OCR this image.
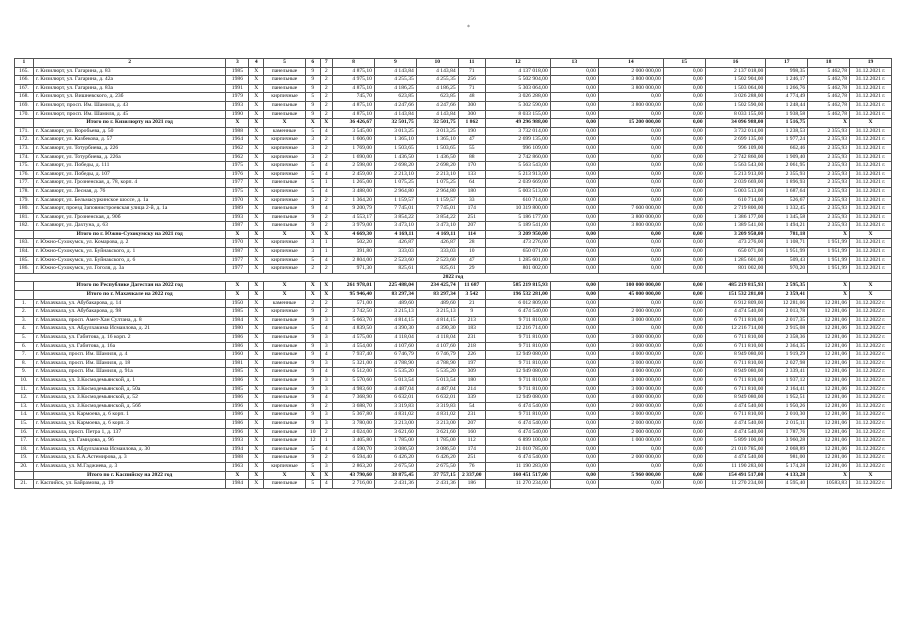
*
1	2	3	4	5	6	7	8	9	10	11	12	13	14	15	16	17	18	19
165.	г. Кизилюрт, ул. Гагарина, д. 83	1985	X	панельные	9	2	4 875,10	4 143,84	4 143,84	71	4 137 018,00	0,00	2 000 000,00	0,00	2 137 018,00	998,35	5 462,78	31.12.2021 г.
166.	г. Кизилюрт, ул. Гагарина, д. 42а	1986	X	панельные	9	2	4 975,10	4 255,35	4 255,35	256	5 502 904,00	0,00	3 800 000,00	0,00	1 502 904,00	1 246,17	5 462,78	31.12.2021 г.
167.	г. Кизилюрт, ул. Гагарина, д. 83а	1991	X	панельные	9	2	4 875,10	4 186,25	4 186,25	71	5 303 064,00	0,00	3 800 000,00	0,00	1 503 064,00	1 266,76	5 462,78	31.12.2021 г.
168.	г. Кизилюрт, ул. Вишневского, д. 23б	1979	X	кирпичные	5	2	745,70	623,85	623,85	48	3 026 288,00	0,00	0,00	0,00	3 026 288,00	4 774,49	5 462,78	31.12.2021 г.
169.	г. Кизилюрт, просп. Им. Шамиля, д. 43	1993	X	панельные	9	2	4 875,10	4 247,66	4 247,66	300	5 302 590,00	0,00	3 800 000,00	0,00	1 502 590,00	1 248,44	5 462,78	31.12.2021 г.
170.	г. Кизилюрт, просп. Им. Шамиля, д. 45	1990	X	панельные	9	2	4 875,10	4 143,84	4 143,84	300	8 033 155,00	0,00	0,00	0,00	8 033 155,00	1 938,58	5 462,78	31.12.2021 г.
	Итого по г. Кизилюрту на 2021 год	X	X	X	X	X	36 426,67	32 501,75	32 501,75	1 862	49 296 988,00	0,00	15 200 000,00	0,00	34 096 988,00	1 516,75	X	X
171.	г. Хасавюрт, ул. Воробьева, д. 50	1988	X	каменные	5	4	3 545,00	3 013,25	3 013,25	190	3 732 014,00	0,00	0,00	0,00	3 732 014,00	1 238,53	2 355,93	31.12.2021 г.
172.	г. Хасавюрт, ул. Казбекова, д. 57	1964	X	кирпичные	3	2	1 606,00	1 365,10	1 365,10	47	2 699 135,00	0,00	0,00	0,00	2 699 135,00	1 977,24	2 355,93	31.12.2021 г.
173.	г. Хасавюрт, ул. Тотурбиева, д. 226	1962	X	кирпичные	3	2	1 769,00	1 503,65	1 503,65	55	996 109,00	0,00	0,00	0,00	996 109,00	662,46	2 355,93	31.12.2021 г.
174.	г. Хасавюрт, ул. Тотурбиева, д. 226а	1962	X	кирпичные	3	2	1 690,00	1 436,50	1 436,50	88	2 742 860,00	0,00	0,00	0,00	2 742 860,00	1 909,40	2 355,93	31.12.2021 г.
175.	г. Хасавюрт, ул. Победы, д. 111	1975	X	кирпичные	5	4	2 598,00	2 698,20	2 698,20	170	5 563 543,00	0,00	0,00	0,00	5 563 543,00	2 061,95	2 355,93	31.12.2021 г.
176.	г. Хасавюрт, ул. Победы, д. 107	1976	X	кирпичные	5	4	2 459,00	2 213,10	2 213,10	133	5 213 913,00	0,00	0,00	0,00	5 213 913,00	2 355,93	2 355,93	31.12.2021 г.
177.	г. Хасавюрт, ул. Грозненская, д. 78, корп. 4	1977	X	панельные	5	1	1 265,00	1 075,25	1 075,25	64	2 039 669,00	0,00	0,00	0,00	2 039 669,00	1 896,93	2 355,93	31.12.2021 г.
178.	г. Хасавюрт, ул. Лесная, д. 76	1975	X	кирпичные	5	4	3 488,00	2 964,80	2 964,80	180	5 003 513,00	0,00	0,00	0,00	5 003 513,00	1 687,64	2 355,93	31.12.2021 г.
179.	г. Хасавюрт, ул. Бельмасуркинское шоссе, д. 1а	1970	X	кирпичные	3	2	1 364,20	1 159,57	1 159,57	33	610 714,00	0,00	0,00	0,00	610 714,00	526,67	2 355,93	31.12.2021 г.
180.	г. Хасавюрт, проезд Заповнистроевская улица 2-й, д. 1а	1989	X	панельные	9	4	9 200,79	7 745,01	7 745,01	174	10 319 800,00	0,00	7 600 000,00	0,00	2 719 800,00	1 332,45	2 355,93	31.12.2021 г.
181.	г. Хасавюрт, ул. Грозненская, д. 90б	1993	X	панельные	9	2	4 553,17	3 854,22	3 854,22	251	5 186 177,00	0,00	3 800 000,00	0,00	1 386 177,00	1 345,58	2 355,93	31.12.2021 г.
182.	г. Хасавюрт, ул. Дахтуна, д. 63	1987	X	панельные	9	2	3 979,00	3 473,10	3 473,10	207	5 189 541,00	0,00	3 800 000,00	0,00	1 389 541,00	1 494,21	2 355,93	31.12.2021 г.
	Итого по г. Южно-Сухокумску на 2021 год	X	X	X	X	X	4 669,30	4 169,11	4 169,11	114	3 209 950,00	0,00	0,00	0,00	3 209 950,00	781,18	X	X
183.	г. Южно-Сухокумск, ул. Комарова, д. 2	1970	X	кирпичные	3	1	502,20	426,87	426,87	28	473 276,00	0,00	0,00	0,00	473 276,00	1 108,71	1 951,99	31.12.2021 г.
184.	г. Южно-Сухокумск, ул. Буйнакского, д. 1	1987	X	кирпичные	3	1	391,80	333,03	333,03	10	650 071,00	0,00	0,00	0,00	650 071,00	1 951,99	1 951,99	31.12.2021 г.
185.	г. Южно-Сухокумск, ул. Буйнакского, д. 6	1977	X	кирпичные	5	4	2 804,00	2 523,60	2 523,60	47	1 285 601,00	0,00	0,00	0,00	1 285 601,00	509,43	1 951,99	31.12.2021 г.
186.	г. Южно-Сухокумск, ул. Гоголя, д. 3а	1977	X	кирпичные	2	2	971,30	825,61	825,61	29	801 002,00	0,00	0,00	0,00	801 002,00	970,20	1 951,99	31.12.2021 г.
2022 год																		
	Итого по Республике Дагестан на 2022 год	X	X	X	X	X	261 978,01	225 488,04	234 425,74	11 687	585 219 815,93	0,00	100 000 000,00	0,00	485 219 815,93	2 595,35	X	X
	Итого по г. Махачкале на 2022 год	X	X	X	X	X	95 946,40	83 297,34	83 297,34	3 542	196 532 281,00	0,00	45 000 000,00	0,00	151 532 281,00	2 359,41	X	X
1.	г. Махачкала, ул. Абубакарова, д. 14	1950	X	каменные	2	2	571,00	489,60	489,60	21	6 012 809,00	0,00	0,00	0,00	6 912 809,00	12 281,06	12 281,06	31.12.2022 г.
2.	г. Махачкала, ул. Абубакарова, д. 98	1985	X	кирпичные	9	2	3 742,50	3 215,13	3 215,13	9	6 474 540,00	0,00	2 000 000,00	0,00	4 474 540,00	2 013,78	12 281,06	31.12.2022 г.
3.	г. Махачкала, просп. Амет-Хан Султана, д. 8	1984	X	панельные	9	3	5 663,70	4 814,15	4 814,15	213	9 711 810,00	0,00	3 000 000,00	0,00	6 711 810,00	2 017,35	12 281,06	31.12.2022 г.
4.	г. Махачкала, ул. Абдулхакима Исмаилова, д. 21	1980	X	панельные	5	4	4 839,50	4 390,30	4 390,30	183	12 216 714,00	0,00	0,00	0,00	12 216 714,00	2 915,08	12 281,06	31.12.2022 г.
5.	г. Махачкала, ул. Габитова, д. 16 корп. 2	1986	X	панельные	9	3	4 575,00	4 118,04	4 118,04	231	9 711 810,00	0,00	3 000 000,00	0,00	6 711 810,00	2 358,36	12 281,06	31.12.2022 г.
6.	г. Махачкала, ул. Габитова, д. 16а	1986	X	панельные	9	3	4 554,00	4 107,60	4 107,60	218	9 711 810,00	0,00	3 000 000,00	0,00	6 711 810,00	2 364,35	12 281,06	31.12.2022 г.
7.	г. Махачкала, просп. Им. Шамиля, д. 4	1960	X	панельные	9	4	7 937,40	6 746,79	6 746,79	226	12 949 080,00	0,00	4 000 000,00	0,00	8 949 080,00	1 919,29	12 281,06	31.12.2022 г.
8.	г. Махачкала, просп. Им. Шамиля, д. 18	1981	X	панельные	9	3	5 321,00	4 788,90	4 788,90	197	9 711 810,00	0,00	3 000 000,00	0,00	6 711 810,00	2 027,98	12 281,06	31.12.2022 г.
9.	г. Махачкала, просп. Им. Шамиля, д. 91а	1985	X	панельные	9	4	6 512,00	5 535,20	5 535,20	309	12 949 080,00	0,00	4 000 000,00	0,00	8 949 080,00	2 339,41	12 281,06	31.12.2022 г.
10.	г. Махачкала, ул. З.Космодемьянской, д. 1	1986	X	панельные	9	3	5 570,60	5 013,54	5 013,54	180	9 711 810,00	0,00	3 000 000,00	0,00	6 711 810,00	1 937,12	12 281,06	31.12.2022 г.
11.	г. Махачкала, ул. З.Космодемьянской, д. 50а	1985	X	панельные	9	3	4 983,60	4 487,04	4 487,04	214	9 711 810,00	0,00	3 000 000,00	0,00	6 711 810,00	2 164,41	12 281,06	31.12.2022 г.
12.	г. Махачкала, ул. З.Космодемьянской, д. 52	1986	X	панельные	9	4	7 368,90	6 632,01	6 632,01	339	12 949 080,00	0,00	4 000 000,00	0,00	8 949 080,00	1 952,51	12 281,06	31.12.2022 г.
13.	г. Махачкала, ул. З.Космодемьянской, д. 56б	1996	X	панельные	9	2	3 688,70	3 319,83	3 319,83	54	6 474 540,00	0,00	2 000 000,00	0,00	4 474 540,00	1 950,26	12 281,06	31.12.2022 г.
14.	г. Махачкала, ул. Кармоева, д. 6 корп. 1	1986	X	панельные	9	3	5 367,80	4 831,02	4 831,02	231	9 711 810,00	0,00	3 000 000,00	0,00	6 711 810,00	2 010,30	12 281,06	31.12.2022 г.
15.	г. Махачкала, ул. Кармоева, д. 6 корп. 3	1986	X	панельные	9	3	3 780,00	3 213,00	3 213,00	207	6 474 540,00	0,00	2 000 000,00	0,00	4 474 540,00	2 015,11	12 281,06	31.12.2022 г.
16.	г. Махачкала, просп. Петра 1, д. 137	1996	X	панельные	10	2	4 024,00	3 621,60	3 621,60	160	6 474 540,00	0,00	2 000 000,00	0,00	4 474 540,00	1 787,76	12 281,06	31.12.2022 г.
17.	г. Махачкала, ул. Гамидова, д. 96	1993	X	панельные	12	1	3 405,80	1 785,00	1 785,00	112	6 899 100,00	0,00	1 000 000,00	0,00	5 899 100,00	3 960,28	12 281,06	31.12.2022 г.
18.	г. Махачкала, ул. Абдулхакима Исмаилова, д. 30	1994	X	панельные	5	4	4 590,70	3 086,50	3 086,50	174	21 010 785,00	0,00	0,00	0,00	21 010 785,00	2 068,89	12 281,06	31.12.2022 г.
19.	г. Махачкала, ул. Б.А.Астемирова, д. 3	1988	X	панельные	9	2	6 594,40	6 426,20	6 426,20	251	6 474 540,00	0,00	2 000 000,00	0,00	4 474 540,00	981,00	12 281,06	31.12.2022 г.
20.	г. Махачкала, ул. М.Гаджиева, д. 3	1963	X	кирпичные	5	3	2 863,20	2 675,50	2 675,50	76	11 190 283,00	0,00	0,00	0,00	11 190 283,00	5 174,28	12 281,06	31.12.2022 г.
	Итого по г. Каспийску на 2022 год	X	X	X	X	X	43 790,60	38 875,45	37 757,15	2 337,00	160 451 517,00	0,00	5 960 000,00	0,00	154 491 517,00	4 133,28	X	X
21.	г. Каспийск, ул. Байрамова, д. 19	1984	X	панельные	5	4	2 716,00	2 431,36	2 431,36	186	11 270 234,00	0,00	0,00	0,00	11 270 234,00	4 595,40	10583,83	31.12.2022 г.
